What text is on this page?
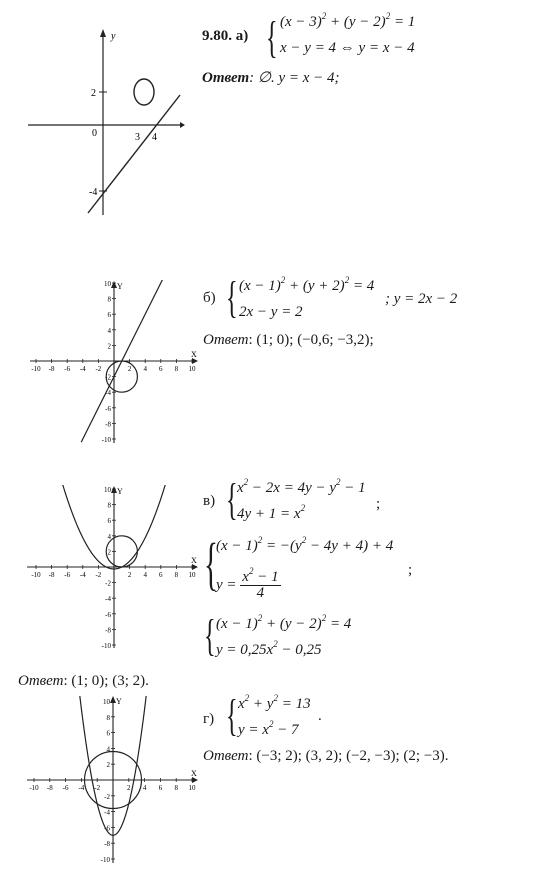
y
2
0	3 4
-4
9.80. а) { $(x - 3)^2 + (y - 2)^2 = 1$
x − y = 4 ⇔ y = x − 4
Ответ: ∅. y = x − 4;
10
8
6
4
2
-2
-4
-6
-8
-10
-10 -8 -6 -4 -2	2 4 6 8 10
Y
X
б) { $(x - 1)^2 + (y + 2)^2 = 4$
2x − y = 2
; y = 2x − 2
Ответ: (1; 0); (−0,6; −3,2);
10
8
6
4
2
-2
-4
-6
-8
-10
-10 -8 -6 -4 -2	2 4 6 8 10
Y
X
в) { $x^2 - 2x = 4y - y^2 - 1$
$4y + 1 = x^2$	;
{
$(x - 1)^2 = -(y^2 - 4y + 4) + 4$
$y = \frac{x^2 - 1}{4}$	;
{ $(x - 1)^2 + (y - 2)^2 = 4$
$y = 0,25x^2 - 0,25$
Ответ: (1; 0); (3; 2).
10
8
6
4
2
-2
-4
-6
-8
-10
-10 -8 -6 -4 -2	2 4 6 8 10
Y
X
г) { $x^2 + y^2 = 13$
$y = x^2 - 7$
.
Ответ: (−3; 2); (3, 2); (−2, −3); (2; −3).
